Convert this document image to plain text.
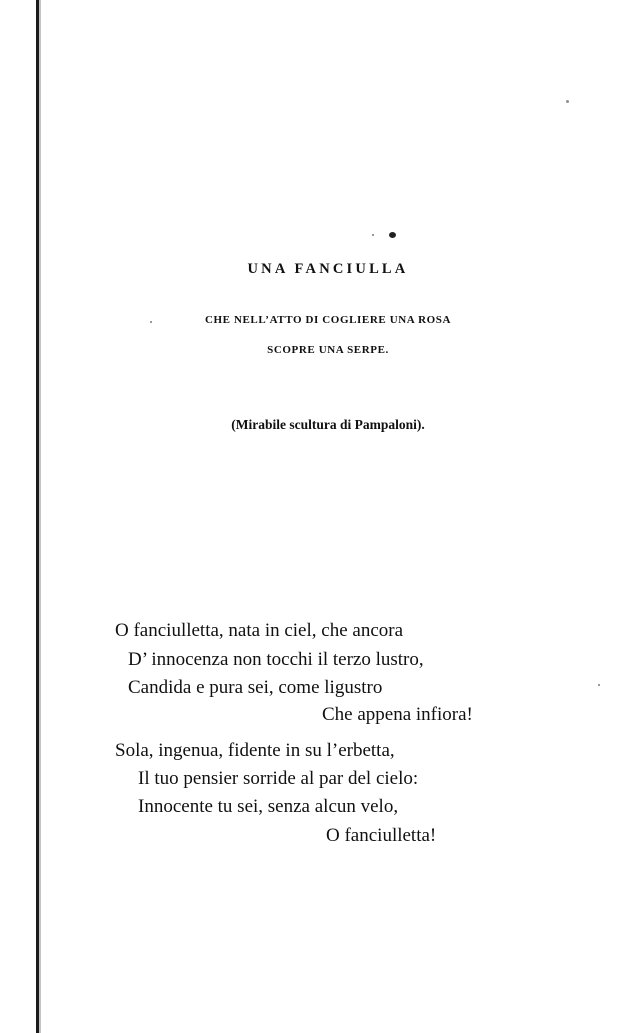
UNA FANCIULLA
CHE NELL’ATTO DI COGLIERE UNA ROSA
SCOPRE UNA SERPE.
(Mirabile scultura di Pampaloni).
O fanciulletta, nata in ciel, che ancora
D’ innocenza non tocchi il terzo lustro,
Candida e pura sei, come ligustro
Che appena infiora!
Sola, ingenua, fidente in su l’erbetta,
Il tuo pensier sorride al par del cielo:
Innocente tu sei, senza alcun velo,
O fanciulletta!
